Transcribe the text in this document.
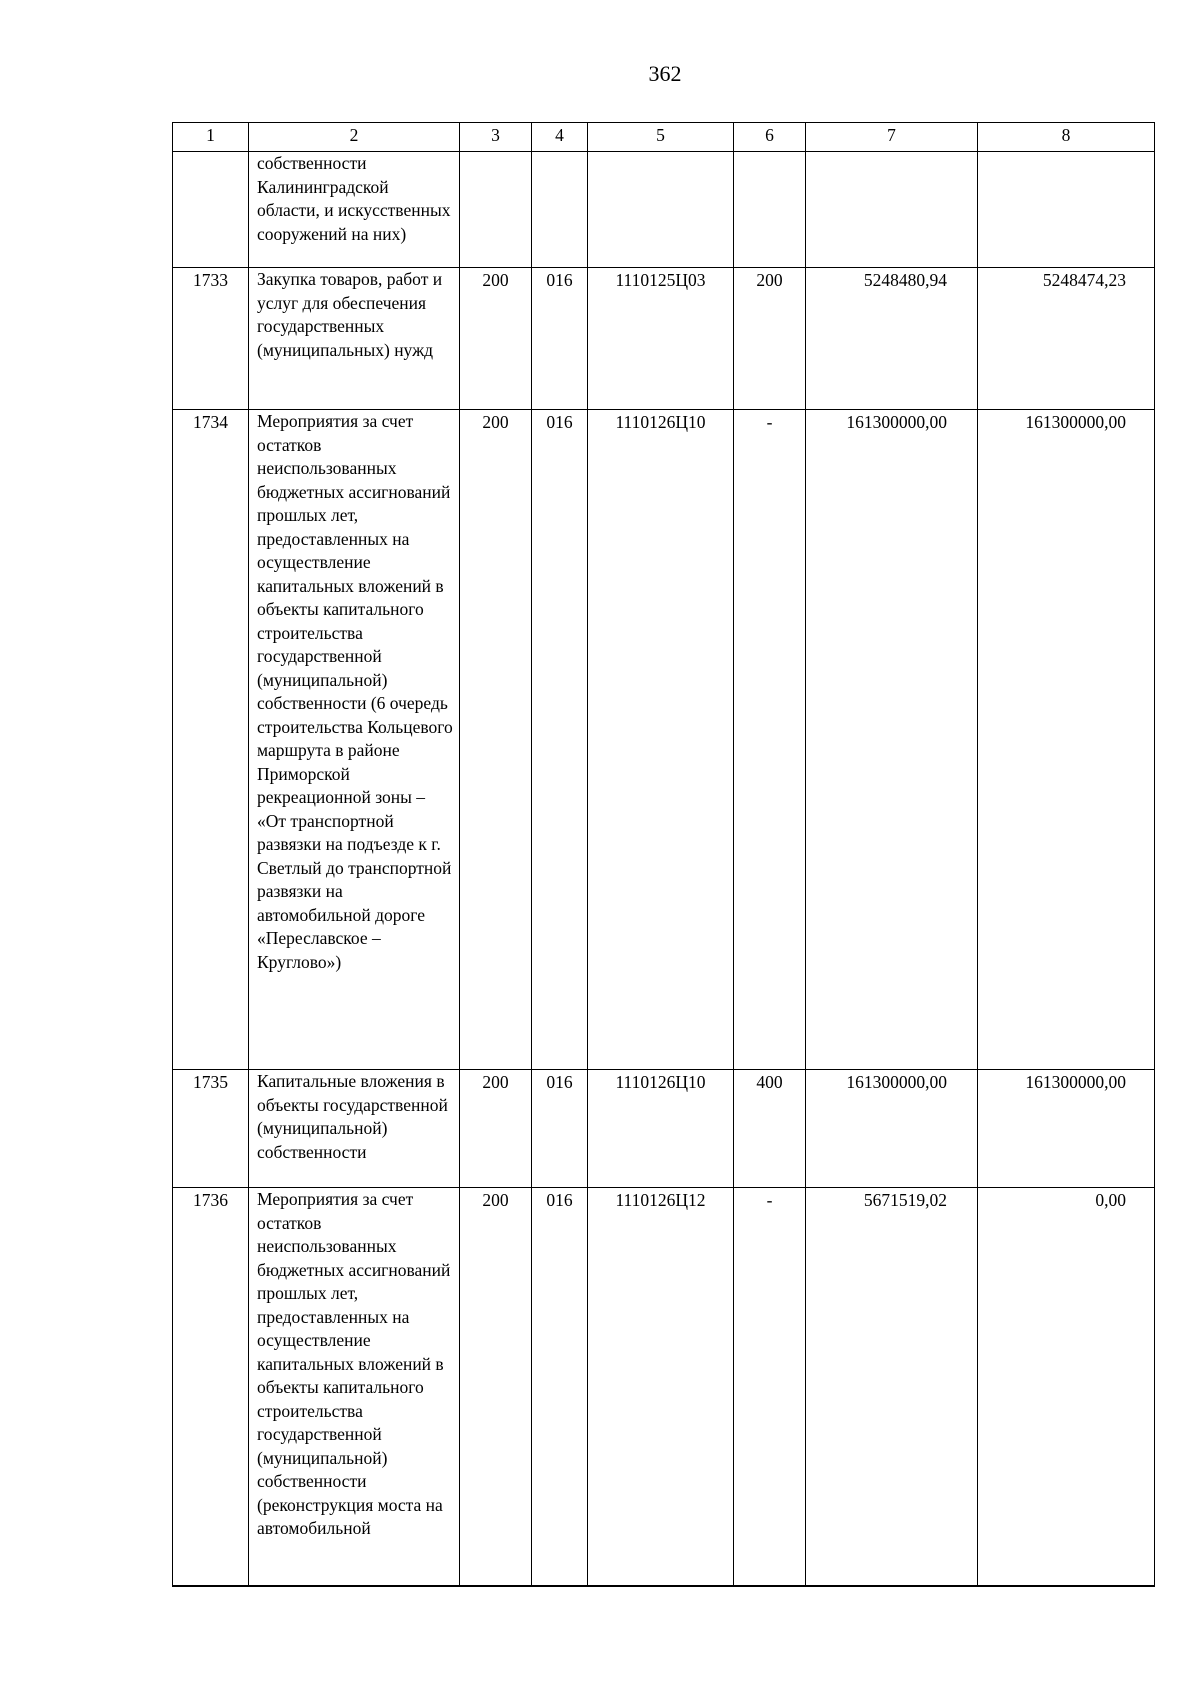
362
1	2	3	4	5	6	7	8
	собственности Калининградской области, и искусственных сооружений на них)						
1733	Закупка товаров, работ и услуг для обеспечения государственных (муниципальных) нужд	200	016	1110125Ц03	200	5248480,94	5248474,23
1734	Мероприятия за счет остатков неиспользованных бюджетных ассигнований прошлых лет, предоставленных на осуществление капитальных вложений в объекты капитального строительства государственной (муниципальной) собственности (6 очередь строительства Кольцевого маршрута в районе Приморской рекреационной зоны – «От транспортной развязки на подъезде к г. Светлый до транспортной развязки на автомобильной дороге «Переславское – Круглово»)	200	016	1110126Ц10	-	161300000,00	161300000,00
1735	Капитальные вложения в объекты государственной (муниципальной) собственности	200	016	1110126Ц10	400	161300000,00	161300000,00
1736	Мероприятия за счет остатков неиспользованных бюджетных ассигнований прошлых лет, предоставленных на осуществление капитальных вложений в объекты капитального строительства государственной (муниципальной) собственности (реконструкция моста на автомобильной	200	016	1110126Ц12	-	5671519,02	0,00
